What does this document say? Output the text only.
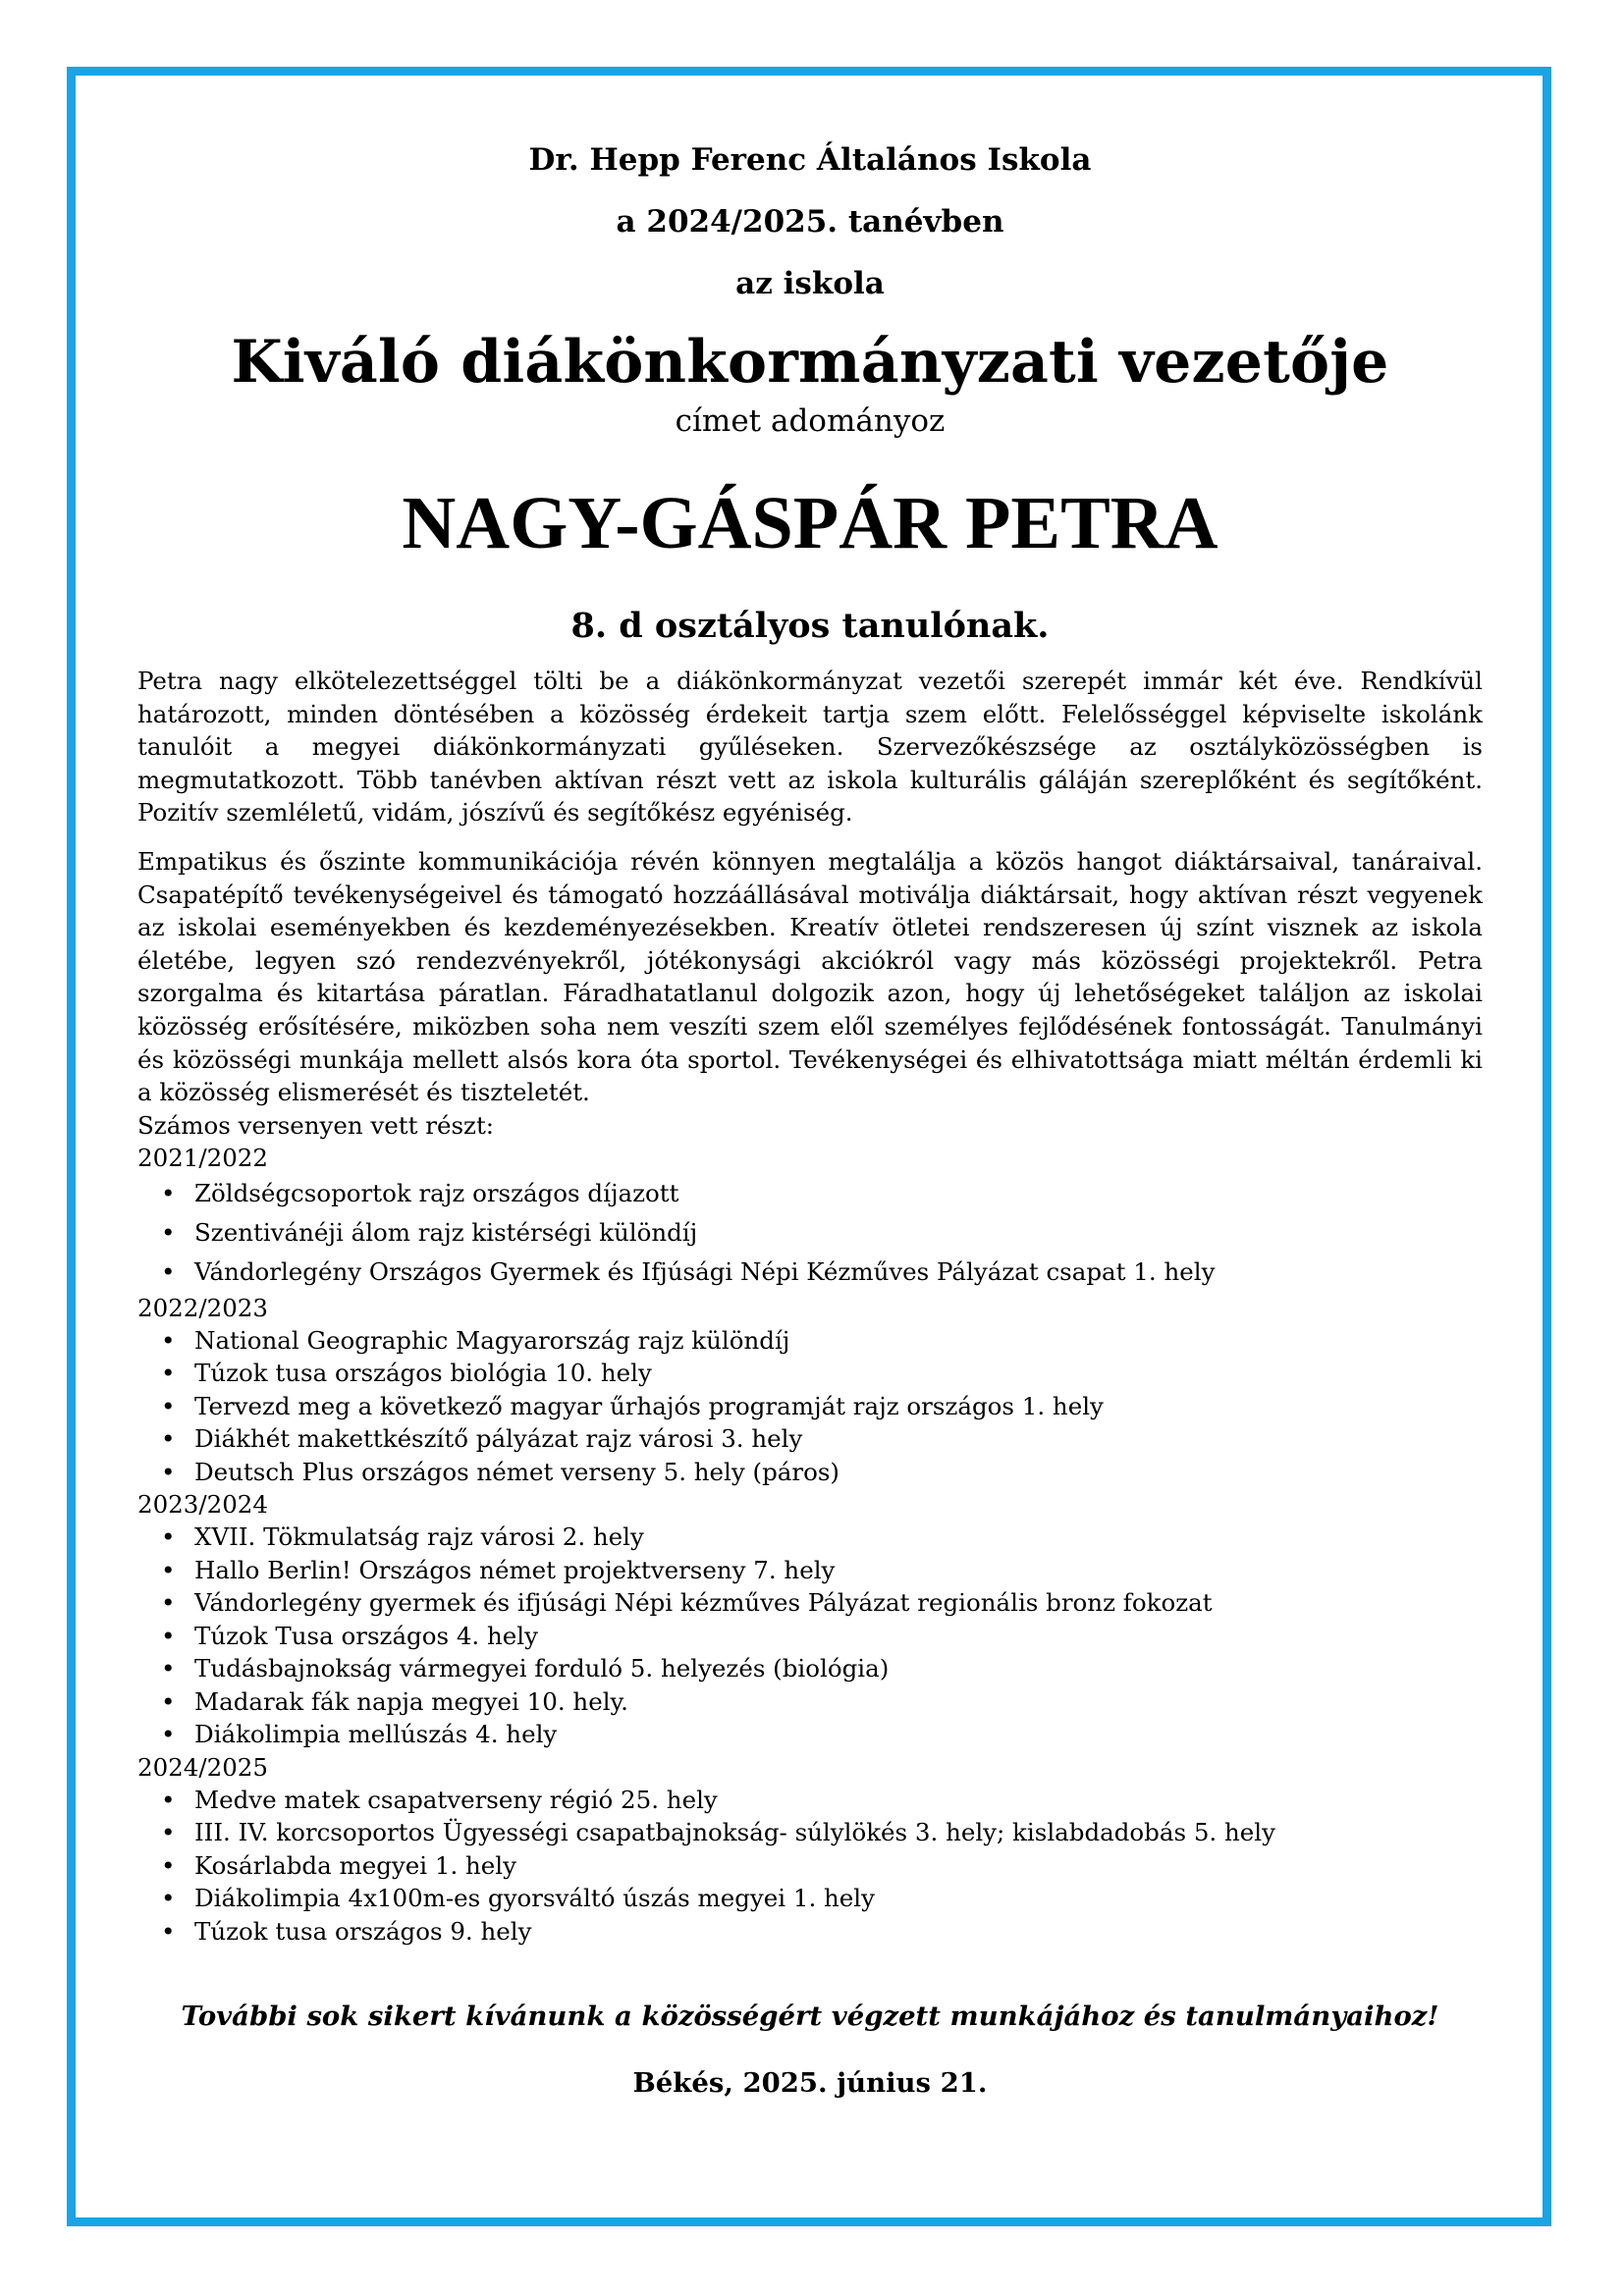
Dr. Hepp Ferenc Általános Iskola
a 2024/2025. tanévben
az iskola
Kiváló diákönkormányzati vezetője
címet adományoz
NAGY-GÁSPÁR PETRA
8. d osztályos tanulónak.

Petra nagy elkötelezettséggel tölti be a diákönkormányzat vezetői szerepét immár két éve. Rendkívül határozott, minden döntésében a közösség érdekeit tartja szem előtt. Felelősséggel képviselte iskolánk tanulóit a megyei diákönkormányzati gyűléseken. Szervezőkészsége az osztályközösségben is megmutatkozott. Több tanévben aktívan részt vett az iskola kulturális gáláján szereplőként és segítőként. Pozitív szemléletű, vidám, jószívű és segítőkész egyéniség.

Empatikus és őszinte kommunikációja révén könnyen megtalálja a közös hangot diáktársaival, tanáraival. Csapatépítő tevékenységeivel és támogató hozzáállásával motiválja diáktársait, hogy aktívan részt vegyenek az iskolai eseményekben és kezdeményezésekben. Kreatív ötletei rendszeresen új színt visznek az iskola életébe, legyen szó rendezvényekről, jótékonysági akciókról vagy más közösségi projektekről. Petra szorgalma és kitartása páratlan. Fáradhatatlanul dolgozik azon, hogy új lehetőségeket találjon az iskolai közösség erősítésére, miközben soha nem veszíti szem elől személyes fejlődésének fontosságát. Tanulmányi és közösségi munkája mellett alsós kora óta sportol. Tevékenységei és elhivatottsága miatt méltán érdemli ki a közösség elismerését és tiszteletét.

Számos versenyen vett részt:
2021/2022
• Zöldségcsoportok rajz országos díjazott
• Szentivánéji álom rajz kistérségi különdíj
• Vándorlegény Országos Gyermek és Ifjúsági Népi Kézműves Pályázat csapat 1. hely
2022/2023
• National Geographic Magyarország rajz különdíj
• Túzok tusa országos biológia 10. hely
• Tervezd meg a következő magyar űrhajós programját rajz országos 1. hely
• Diákhét makettkészítő pályázat rajz városi 3. hely
• Deutsch Plus országos német verseny 5. hely (páros)
2023/2024
• XVII. Tökmulatság rajz városi 2. hely
• Hallo Berlin! Országos német projektverseny 7. hely
• Vándorlegény gyermek és ifjúsági Népi kézműves Pályázat regionális bronz fokozat
• Túzok Tusa országos 4. hely
• Tudásbajnokság vármegyei forduló 5. helyezés (biológia)
• Madarak fák napja megyei 10. hely.
• Diákolimpia mellúszás 4. hely
2024/2025
• Medve matek csapatverseny régió 25. hely
• III. IV. korcsoportos Ügyességi csapatbajnokság- súlylökés 3. hely; kislabdadobás 5. hely
• Kosárlabda megyei 1. hely
• Diákolimpia 4x100m-es gyorsváltó úszás megyei 1. hely
• Túzok tusa országos 9. hely
További sok sikert kívánunk a közösségért végzett munkájához és tanulmányaihoz!
Békés, 2025. június 21.
